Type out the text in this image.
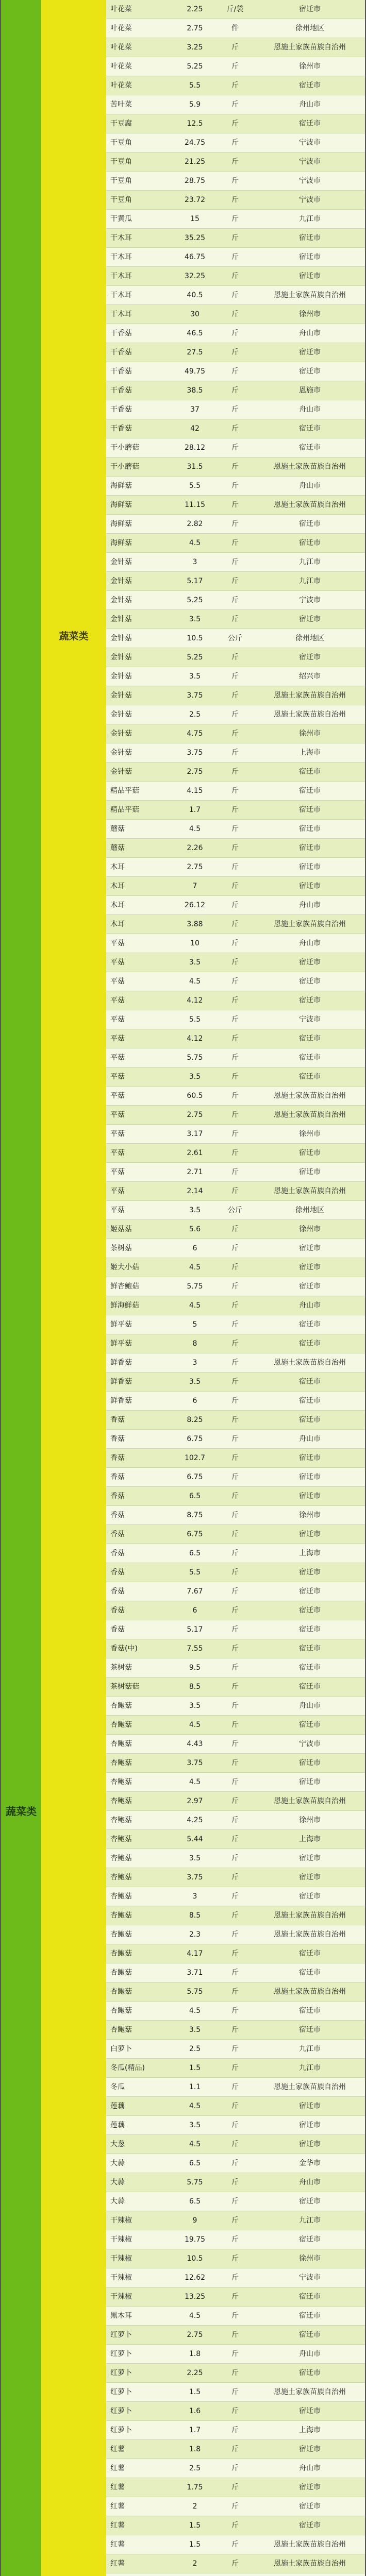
蔬菜类
蔬菜类
叶花菜	2.25	斤/袋	宿迁市
叶花菜	2.75	件	徐州地区
叶花菜	3.25	斤	恩施土家族苗族自治州
叶花菜	5.25	斤	徐州市
叶花菜	5.5	斤	宿迁市
苦叶菜	5.9	斤	舟山市
干豆腐	12.5	斤	宿迁市
干豆角	24.75	斤	宁波市
干豆角	21.25	斤	宁波市
干豆角	28.75	斤	宁波市
干豆角	23.72	斤	宁波市
干黄瓜	15	斤	九江市
干木耳	35.25	斤	宿迁市
干木耳	46.75	斤	宿迁市
干木耳	32.25	斤	宿迁市
干木耳	40.5	斤	恩施土家族苗族自治州
干木耳	30	斤	徐州市
干香菇	46.5	斤	舟山市
干香菇	27.5	斤	宿迁市
干香菇	49.75	斤	宿迁市
干香菇	38.5	斤	恩施市
干香菇	37	斤	舟山市
干香菇	42	斤	宿迁市
干小蘑菇	28.12	斤	宿迁市
干小蘑菇	31.5	斤	恩施土家族苗族自治州
海鲜菇	5.5	斤	舟山市
海鲜菇	11.15	斤	恩施土家族苗族自治州
海鲜菇	2.82	斤	宿迁市
海鲜菇	4.5	斤	宿迁市
金针菇	3	斤	九江市
金针菇	5.17	斤	九江市
金针菇	5.25	斤	宁波市
金针菇	3.5	斤	宿迁市
金针菇	10.5	公斤	徐州地区
金针菇	5.25	斤	宿迁市
金针菇	3.5	斤	绍兴市
金针菇	3.75	斤	恩施土家族苗族自治州
金针菇	2.5	斤	恩施土家族苗族自治州
金针菇	4.75	斤	徐州市
金针菇	3.75	斤	上海市
金针菇	2.75	斤	宿迁市
精品平菇	4.15	斤	宿迁市
精品平菇	1.7	斤	宿迁市
蘑菇	4.5	斤	宿迁市
蘑菇	2.26	斤	宿迁市
木耳	2.75	斤	宿迁市
木耳	7	斤	宿迁市
木耳	26.12	斤	舟山市
木耳	3.88	斤	恩施土家族苗族自治州
平菇	10	斤	舟山市
平菇	3.5	斤	宿迁市
平菇	4.5	斤	宿迁市
平菇	4.12	斤	宿迁市
平菇	5.5	斤	宁波市
平菇	4.12	斤	宿迁市
平菇	5.75	斤	宿迁市
平菇	3.5	斤	宿迁市
平菇	60.5	斤	恩施土家族苗族自治州
平菇	2.75	斤	恩施土家族苗族自治州
平菇	3.17	斤	徐州市
平菇	2.61	斤	宿迁市
平菇	2.71	斤	宿迁市
平菇	2.14	斤	恩施土家族苗族自治州
平菇	3.5	公斤	徐州地区
姬菇菇	5.6	斤	徐州市
茶树菇	6	斤	宿迁市
姬大小菇	4.5	斤	宿迁市
鲜杏鲍菇	5.75	斤	宿迁市
鲜海鲜菇	4.5	斤	舟山市
鲜平菇	5	斤	宿迁市
鲜平菇	8	斤	宿迁市
鲜香菇	3	斤	恩施土家族苗族自治州
鲜香菇	3.5	斤	宿迁市
鲜香菇	6	斤	宿迁市
香菇	8.25	斤	宿迁市
香菇	6.75	斤	舟山市
香菇	102.7	斤	宿迁市
香菇	6.75	斤	宿迁市
香菇	6.5	斤	宿迁市
香菇	8.75	斤	徐州市
香菇	6.75	斤	宿迁市
香菇	6.5	斤	上海市
香菇	5.5	斤	宿迁市
香菇	7.67	斤	宿迁市
香菇	6	斤	宿迁市
香菇	5.17	斤	宿迁市
香菇(中)	7.55	斤	宿迁市
茶树菇	9.5	斤	宿迁市
茶树菇菇	8.5	斤	宿迁市
杏鲍菇	3.5	斤	舟山市
杏鲍菇	4.5	斤	宿迁市
杏鲍菇	4.43	斤	宁波市
杏鲍菇	3.75	斤	宿迁市
杏鲍菇	4.5	斤	宿迁市
杏鲍菇	2.97	斤	恩施土家族苗族自治州
杏鲍菇	4.25	斤	徐州市
杏鲍菇	5.44	斤	上海市
杏鲍菇	3.5	斤	宿迁市
杏鲍菇	3.75	斤	宿迁市
杏鲍菇	3	斤	宿迁市
杏鲍菇	8.5	斤	恩施土家族苗族自治州
杏鲍菇	2.3	斤	恩施土家族苗族自治州
杏鲍菇	4.17	斤	宿迁市
杏鲍菇	3.71	斤	宿迁市
杏鲍菇	5.75	斤	恩施土家族苗族自治州
杏鲍菇	4.5	斤	宿迁市
杏鲍菇	3.5	斤	宿迁市
白萝卜	2.5	斤	九江市
冬瓜(精品)	1.5	斤	九江市
冬瓜	1.1	斤	恩施土家族苗族自治州
莲藕	4.5	斤	宿迁市
莲藕	3.5	斤	宿迁市
大葱	4.5	斤	宿迁市
大蒜	6.5	斤	金华市
大蒜	5.75	斤	舟山市
大蒜	6.5	斤	宿迁市
干辣椒	9	斤	九江市
干辣椒	19.75	斤	宿迁市
干辣椒	10.5	斤	徐州市
干辣椒	12.62	斤	宁波市
干辣椒	13.25	斤	宿迁市
黑木耳	4.5	斤	宿迁市
红萝卜	2.75	斤	宿迁市
红萝卜	1.8	斤	舟山市
红萝卜	2.25	斤	宿迁市
红萝卜	1.5	斤	恩施土家族苗族自治州
红萝卜	1.6	斤	宿迁市
红萝卜	1.7	斤	上海市
红薯	1.8	斤	宿迁市
红薯	2.5	斤	舟山市
红薯	1.75	斤	宿迁市
红薯	2	斤	宿迁市
红薯	1.5	斤	宿迁市
红薯	1.5	斤	恩施土家族苗族自治州
红薯	2	斤	恩施土家族苗族自治州
